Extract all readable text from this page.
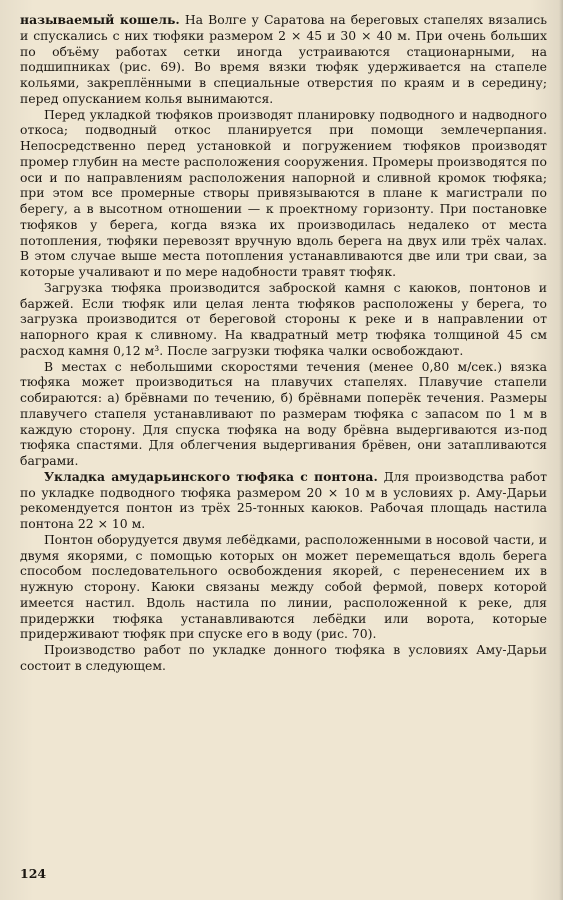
называемый кошель. На Волге у Саратова на береговых стапелях вязались и спускались с них тюфяки размером 2 × 45 и 30 × 40 м. При очень больших по объёму работах сетки иногда устраиваются стационарными, на подшипниках (рис. 69). Во время вязки тюфяк удерживается на стапеле кольями, закреплёнными в специальные отверстия по краям и в середину; перед опусканием колья вынимаются.

Перед укладкой тюфяков производят планировку подводного и надводного откоса; подводный откос планируется при помощи землечерпания. Непосредственно перед установкой и погружением тюфяков производят промер глубин на месте расположения сооружения. Промеры производятся по оси и по направлениям расположения напорной и сливной кромок тюфяка; при этом все промерные створы привязываются в плане к магистрали по берегу, а в высотном отношении — к проектному горизонту. При постановке тюфяков у берега, когда вязка их производилась недалеко от места потопления, тюфяки перевозят вручную вдоль берега на двух или трёх чалах. В этом случае выше места потопления устанавливаются две или три сваи, за которые учаливают и по мере надобности травят тюфяк.

Загрузка тюфяка производится заброской камня с каюков, понтонов и баржей. Если тюфяк или целая лента тюфяков расположены у берега, то загрузка производится от береговой стороны к реке и в направлении от напорного края к сливному. На квадратный метр тюфяка толщиной 45 см расход камня 0,12 м³. После загрузки тюфяка чалки освобождают.

В местах с небольшими скоростями течения (менее 0,80 м/сек.) вязка тюфяка может производиться на плавучих стапелях. Плавучие стапели собираются: а) брёвнами по течению, б) брёвнами поперёк течения. Размеры плавучего стапеля устанавливают по размерам тюфяка с запасом по 1 м в каждую сторону. Для спуска тюфяка на воду брёвна выдергиваются из-под тюфяка спастями. Для облегчения выдергивания брёвен, они затапливаются баграми.

Укладка амударьинского тюфяка с понтона. Для производства работ по укладке подводного тюфяка размером 20 × 10 м в условиях р. Аму-Дарьи рекомендуется понтон из трёх 25-тонных каюков. Рабочая площадь настила понтона 22 × 10 м.

Понтон оборудуется двумя лебёдками, расположенными в носовой части, и двумя якорями, с помощью которых он может перемещаться вдоль берега способом последовательного освобождения якорей, с перенесением их в нужную сторону. Каюки связаны между собой фермой, поверх которой имеется настил. Вдоль настила по линии, расположенной к реке, для придержки тюфяка устанавливаются лебёдки или ворота, которые придерживают тюфяк при спуске его в воду (рис. 70).

Производство работ по укладке донного тюфяка в условиях Аму-Дарьи состоит в следующем.

124
